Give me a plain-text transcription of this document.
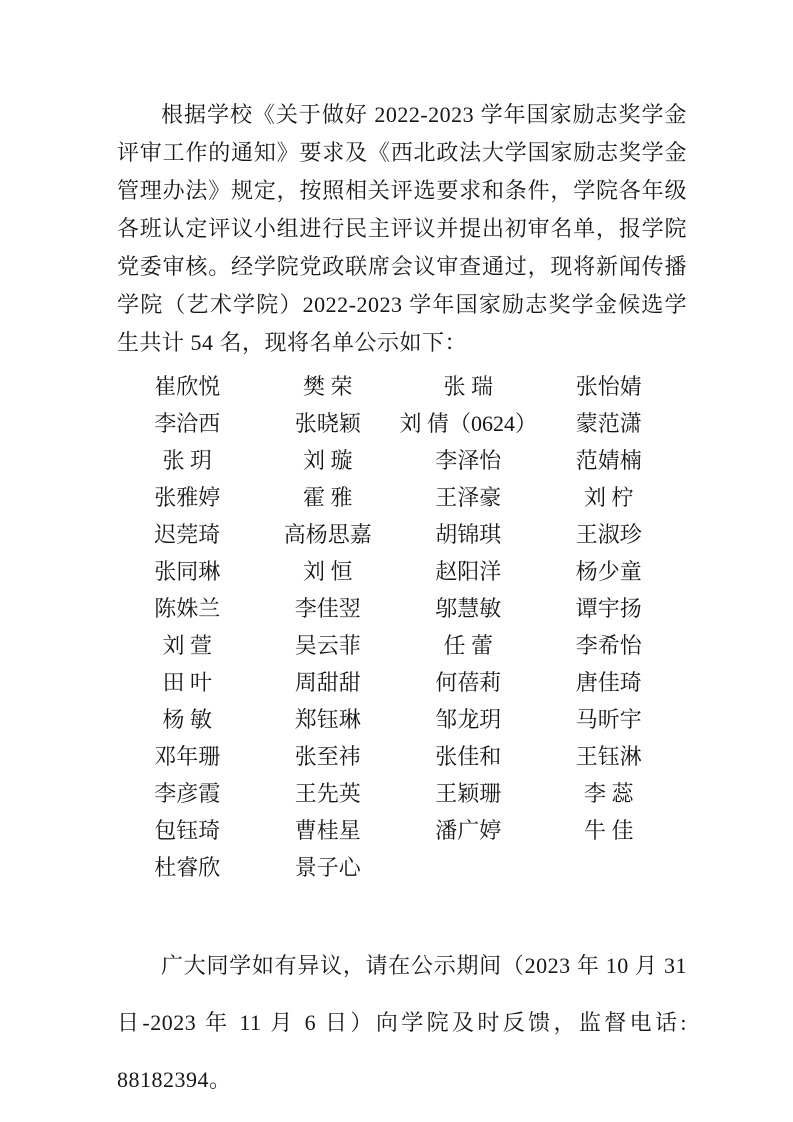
根据学校《关于做好 2022-2023 学年国家励志奖学金评审工作的通知》要求及《西北政法大学国家励志奖学金管理办法》规定，按照相关评选要求和条件，学院各年级各班认定评议小组进行民主评议并提出初审名单，报学院党委审核。经学院党政联席会议审查通过，现将新闻传播学院（艺术学院）2022-2023 学年国家励志奖学金候选学生共计 54 名，现将名单公示如下：

崔欣悦	樊 荣	张 瑞	张怡婧
李洽西	张晓颖	刘 倩（0624）	蒙范潇
张 玥	刘 璇	李泽怡	范婧楠
张雅婷	霍 雅	王泽豪	刘 柠
迟莞琦	高杨思嘉	胡锦琪	王淑珍
张同琳	刘 恒	赵阳洋	杨少童
陈姝兰	李佳翌	邬慧敏	谭宇扬
刘 萱	吴云菲	任 蕾	李希怡
田 叶	周甜甜	何蓓莉	唐佳琦
杨 敏	郑钰琳	邹龙玥	马昕宇
邓年珊	张至祎	张佳和	王钰淋
李彦霞	王先英	王颖珊	李 蕊
包钰琦	曹桂星	潘广婷	牛 佳
杜睿欣	景子心

广大同学如有异议，请在公示期间（2023 年 10 月 31 日-2023 年 11 月 6 日）向学院及时反馈，监督电话: 88182394。
